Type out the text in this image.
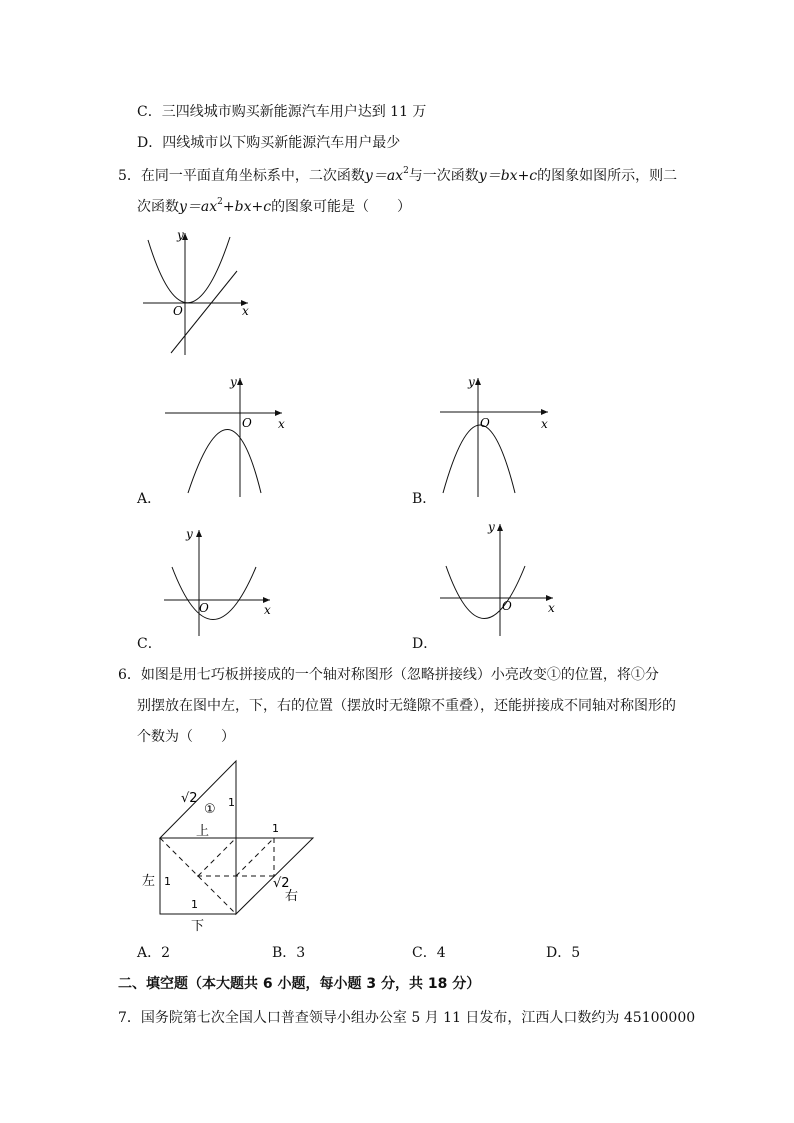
C．三四线城市购买新能源汽车用户达到 11 万
D．四线城市以下购买新能源汽车用户最少
5．在同一平面直角坐标系中，二次函数$y=ax^2$与一次函数y＝bx+c的图象如图所示，则二
次函数$y=ax^2+bx+c$的图象可能是（　　）
y
x
O
y
x
O
A．
y
x
O
B．
y
x
O
C．
y
x
O
D．
6．如图是用七巧板拼接成的一个轴对称图形（忽略拼接线）小亮改变①的位置，将①分
别摆放在图中左，下，右的位置（摆放时无缝隙不重叠），还能拼接成不同轴对称图形的
个数为（　　）
√2
① 1
上	1
左 1
1
下
√2
右
A．2	B．3	C．4	D．5
二、填空题（本大题共 6 小题，每小题 3 分，共 18 分）
7．国务院第七次全国人口普查领导小组办公室 5 月 11 日发布，江西人口数约为 45100000
